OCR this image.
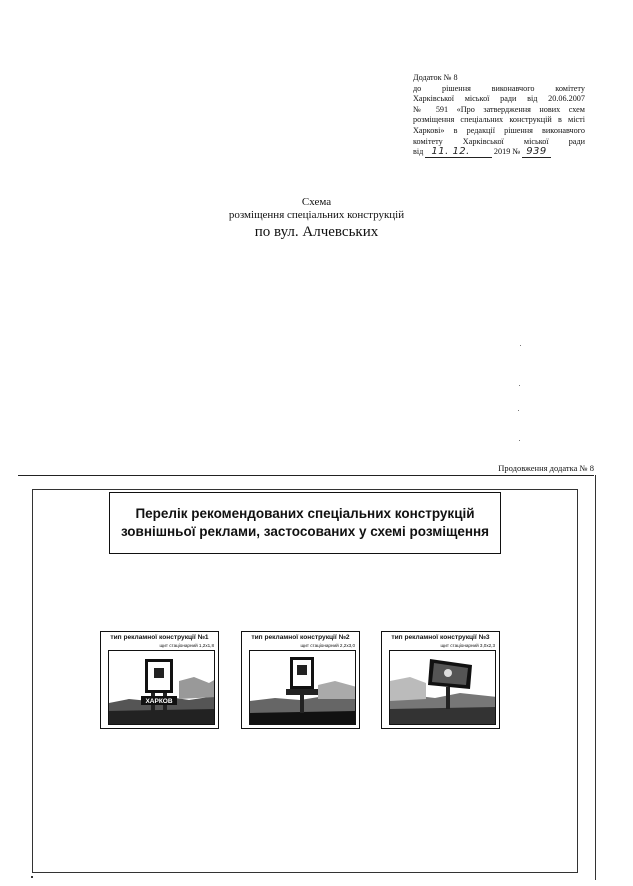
Додаток № 8
до рішення виконавчого комітету
Харківської міської ради від 20.06.2007
№ 591 «Про затвердження нових схем
розміщення спеціальних конструкцій в місті
Харкові» в редакції рішення виконавчого
комітету Харківської міської ради
від 11. 12.	2019 № 939
Схема
розміщення спеціальних конструкцій
по вул. Алчевських
Продовження додатка № 8
Перелік рекомендованих спеціальних конструкцій
зовнішньої реклами, застосованих у схемі розміщення
тип рекламної конструкції №1
щит стаціонарний 1,2х1,8
ХАРКОВ
тип рекламної конструкції №2
щит стаціонарний 2,2х3,0
тип рекламної конструкції №3
щит стаціонарний 3,0х2,3
